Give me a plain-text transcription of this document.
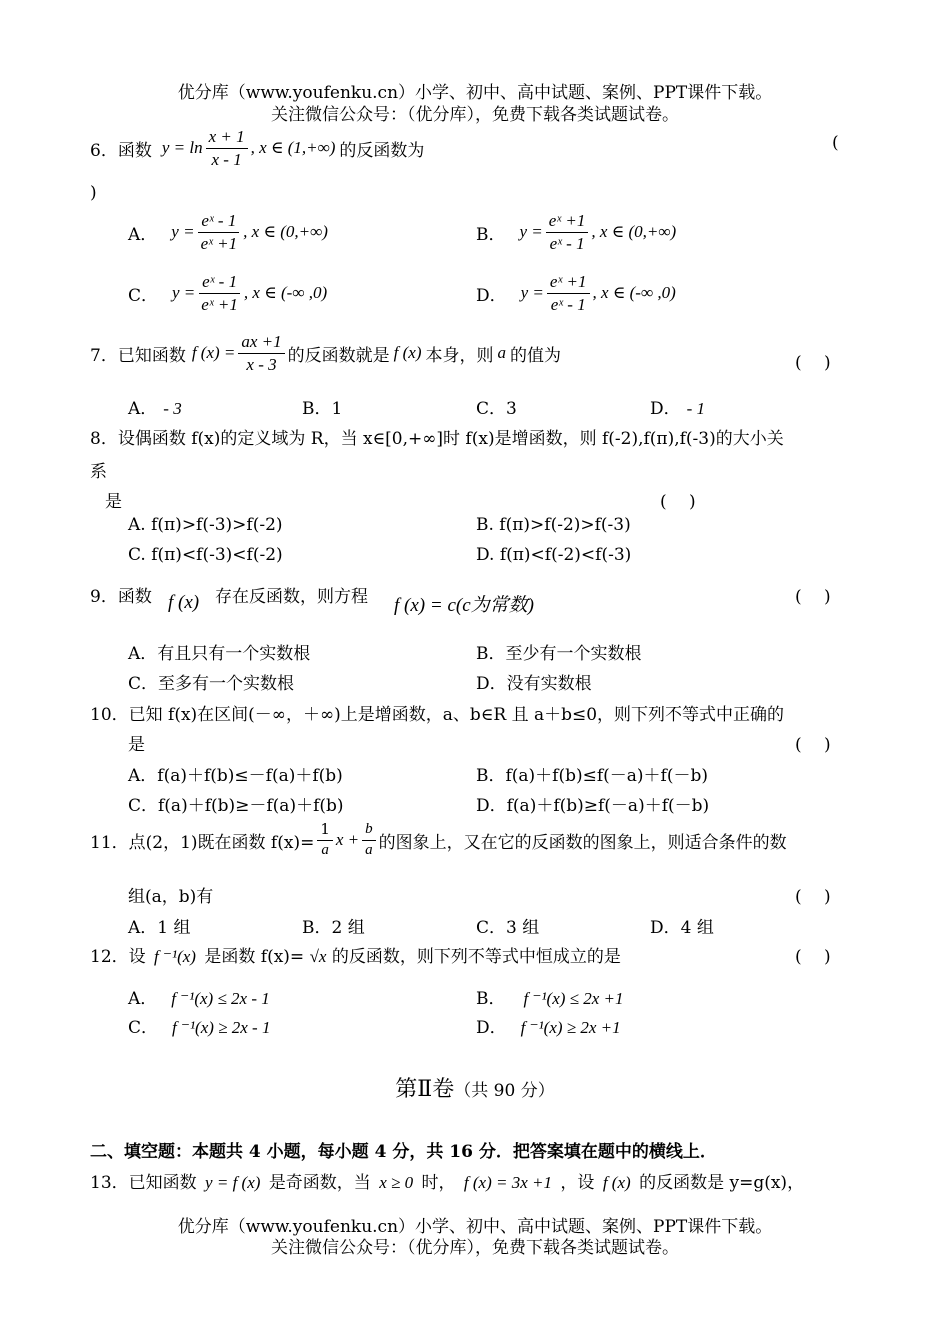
优分库（www.youfenku.cn）小学、初中、高中试题、案例、PPT课件下载。
关注微信公众号：（优分库），免费下载各类试题试卷。
6．函数 $y = \ln \frac{x + 1}{x - 1}$ , x ∈ (1,+∞) 的反函数为	(
)
A． $y = \frac{\text{eˣ - 1}}{\text{eˣ +1}}$ , x ∈ (0,+∞)	B． $y = \frac{\text{eˣ +1}}{\text{eˣ - 1}}$ , x ∈ (0,+∞)
C． $y = \frac{\text{eˣ - 1}}{\text{eˣ +1}}$ , x ∈ (-∞ ,0)	D． $y = \frac{\text{eˣ +1}}{\text{eˣ - 1}}$ , x ∈ (-∞ ,0)
7．已知函数 f $(x) = \frac{ax +1}{x - 3}$ 的反函数就是 f (x) 本身，则 a 的值为	(　 )
A． - 3	B．1	C．3	D． - 1
8．设偶函数 f(x)的定义域为 R，当 x∈[0,+∞]时 f(x)是增函数，则 f(-2),f(π),f(-3)的大小关
系
是	(　 )
A. f(π)>f(-3)>f(-2)	B. f(π)>f(-2)>f(-3)
C. f(π)<f(-3)<f(-2)	D. f(π)<f(-2)<f(-3)
9．函数 f (x) 存在反函数，则方程 f (x) = c(c为常数)	(　 )
A．有且只有一个实数根	B．至少有一个实数根
C．至多有一个实数根	D．没有实数根
10．已知 f(x)在区间(－∞，＋∞)上是增函数，a、b∈R 且 a＋b≤0，则下列不等式中正确的
是	(　 )
A．f(a)＋f(b)≤－f(a)＋f(b)	B．f(a)＋f(b)≤f(－a)＋f(－b)
C．f(a)＋f(b)≥－f(a)＋f(b)	D．f(a)＋f(b)≥f(－a)＋f(－b)
11．点(2，1)既在函数 $f(x)= \frac{1}{a}$ $x + \frac{b}{a}$ 的图象上，又在它的反函数的图象上，则适合条件的数
组(a，b)有	(　 )
A．1 组	B．2 组	C．3 组	D．4 组
12．设 f ⁻¹(x) 是函数 f(x)= √x 的反函数，则下列不等式中恒成立的是	(　 )
A． f ⁻¹(x) ≤ 2x - 1	B． f ⁻¹(x) ≤ 2x +1
C． f ⁻¹(x) ≥ 2x - 1	D． f ⁻¹(x) ≥ 2x +1
第Ⅱ卷（共 90 分）
二、填空题：本题共 4 小题，每小题 4 分，共 16 分．把答案填在题中的横线上．
13．已知函数 y = f (x) 是奇函数，当 x ≥ 0 时， f (x) = 3x +1 ，设 f (x) 的反函数是 y=g(x)，
优分库（www.youfenku.cn）小学、初中、高中试题、案例、PPT课件下载。
关注微信公众号：（优分库），免费下载各类试题试卷。
